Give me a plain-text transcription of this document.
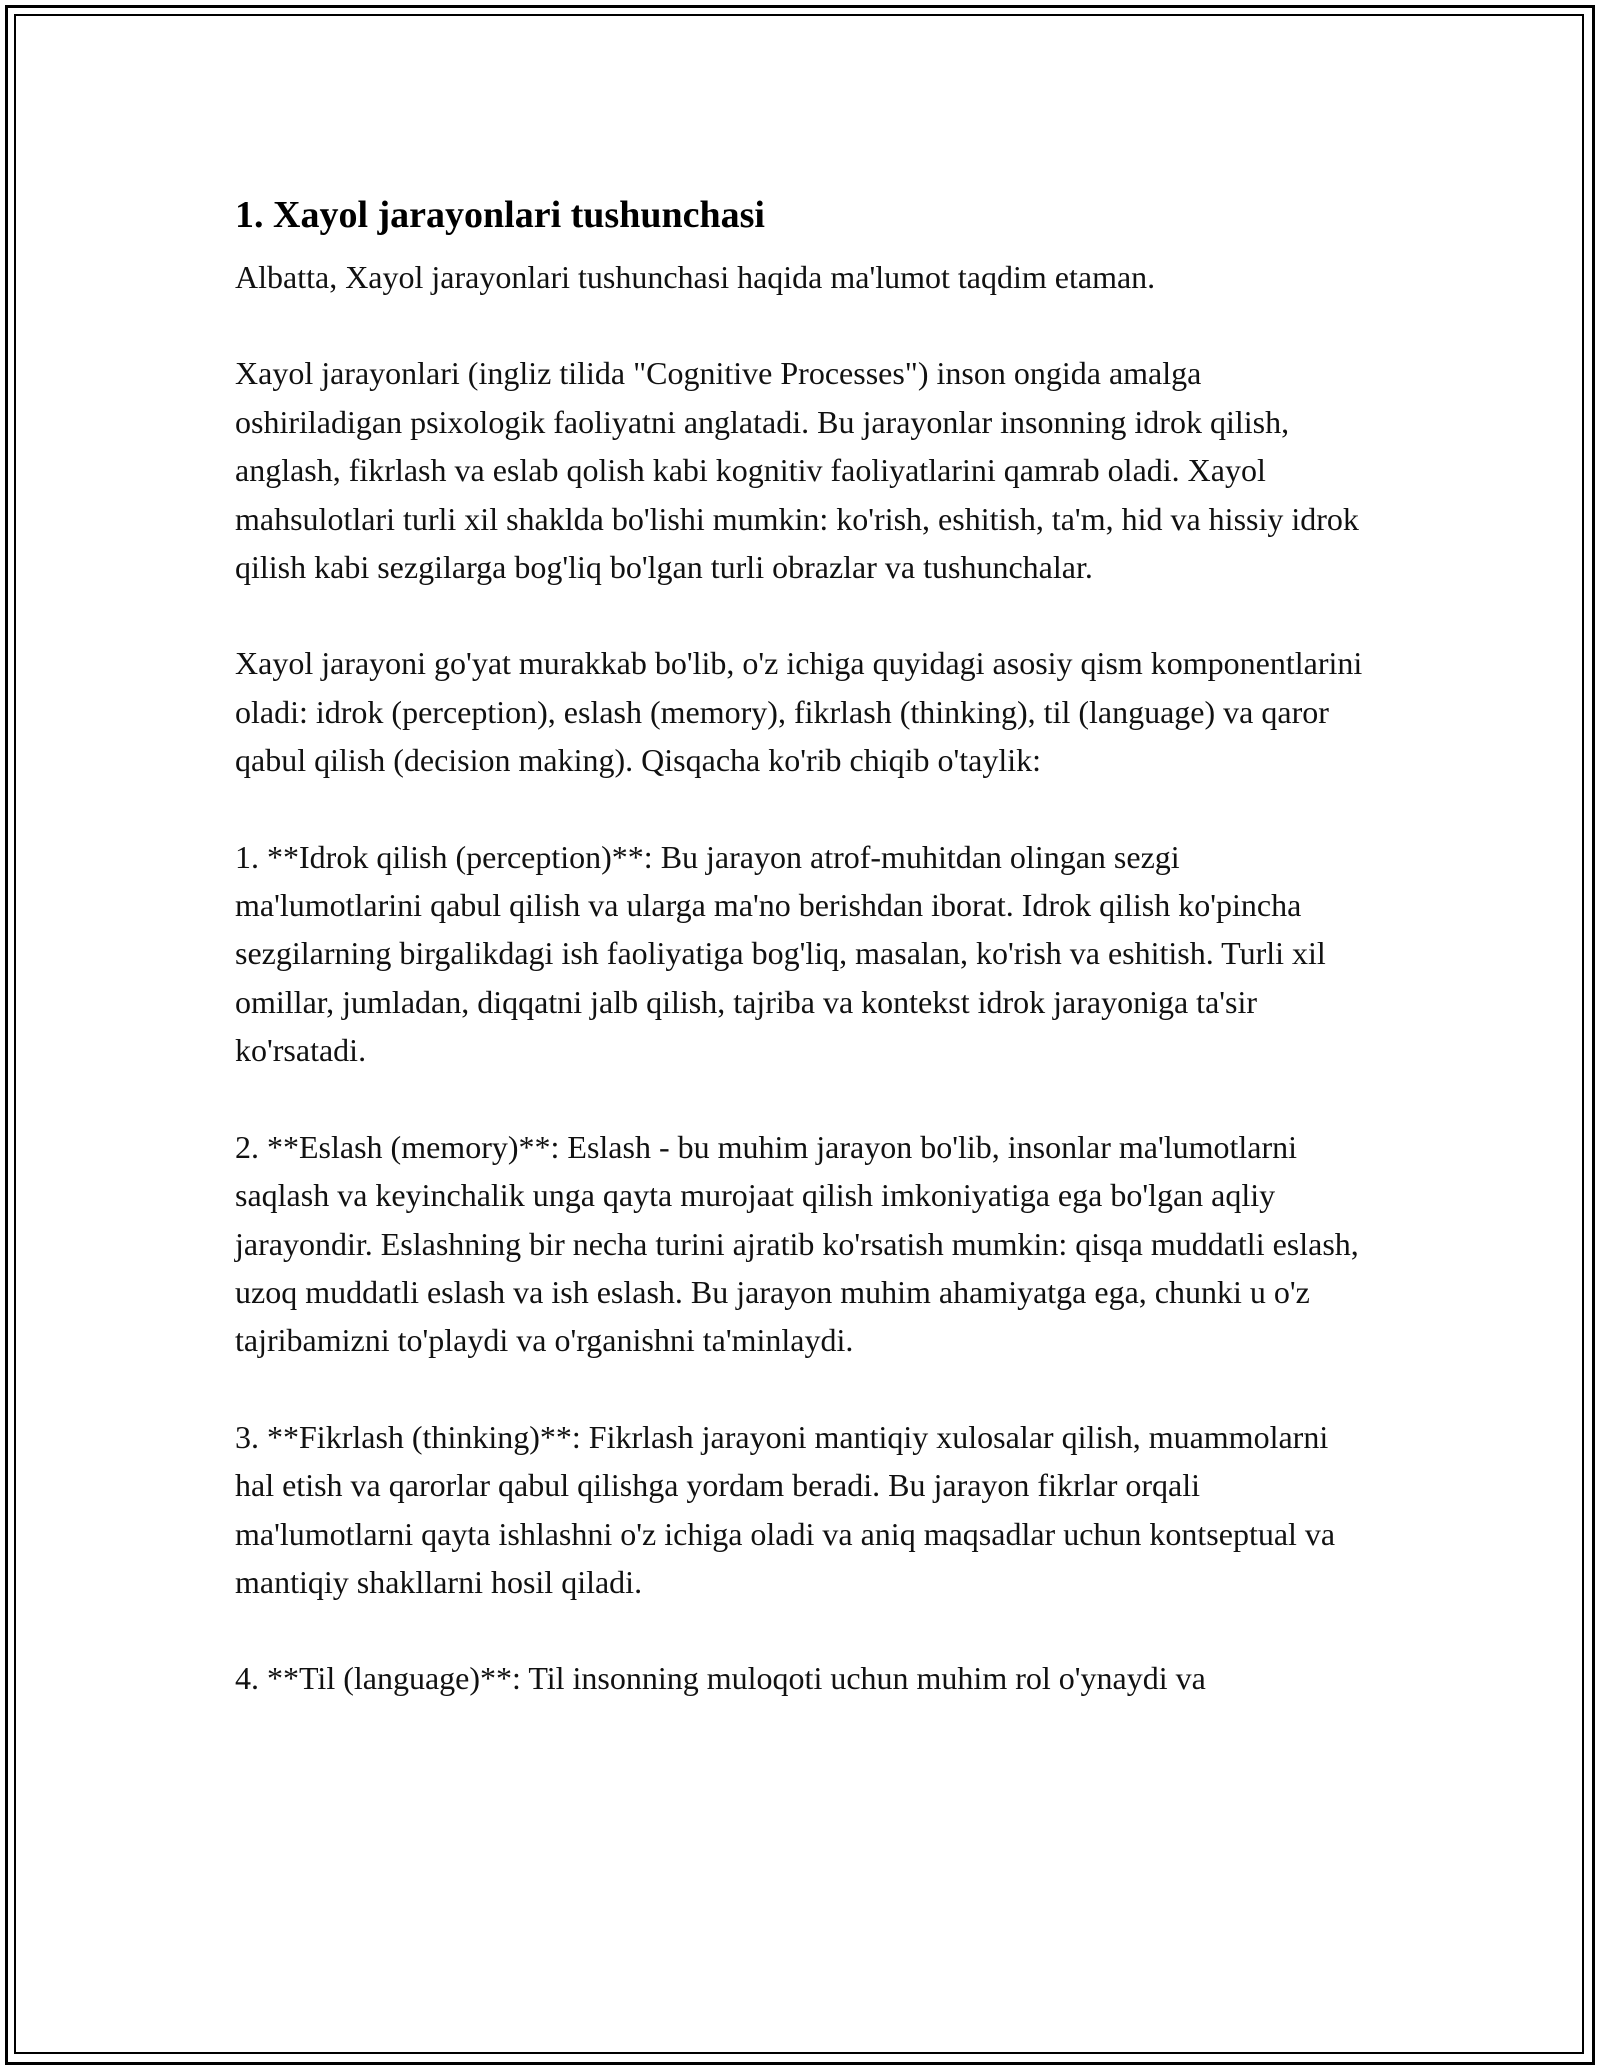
1. Xayol jarayonlari tushunchasi

Albatta, Xayol jarayonlari tushunchasi haqida ma'lumot taqdim etaman.

Xayol jarayonlari (ingliz tilida "Cognitive Processes") inson ongida amalga oshiriladigan psixologik faoliyatni anglatadi. Bu jarayonlar insonning idrok qilish, anglash, fikrlash va eslab qolish kabi kognitiv faoliyatlarini qamrab oladi. Xayol mahsulotlari turli xil shaklda bo'lishi mumkin: ko'rish, eshitish, ta'm, hid va hissiy idrok qilish kabi sezgilarga bog'liq bo'lgan turli obrazlar va tushunchalar.

Xayol jarayoni go'yat murakkab bo'lib, o'z ichiga quyidagi asosiy qism komponentlarini oladi: idrok (perception), eslash (memory), fikrlash (thinking), til (language) va qaror qabul qilish (decision making). Qisqacha ko'rib chiqib o'taylik:

1. **Idrok qilish (perception)**: Bu jarayon atrof-muhitdan olingan sezgi ma'lumotlarini qabul qilish va ularga ma'no berishdan iborat. Idrok qilish ko'pincha sezgilarning birgalikdagi ish faoliyatiga bog'liq, masalan, ko'rish va eshitish. Turli xil omillar, jumladan, diqqatni jalb qilish, tajriba va kontekst idrok jarayoniga ta'sir ko'rsatadi.

2. **Eslash (memory)**: Eslash - bu muhim jarayon bo'lib, insonlar ma'lumotlarni saqlash va keyinchalik unga qayta murojaat qilish imkoniyatiga ega bo'lgan aqliy jarayondir. Eslashning bir necha turini ajratib ko'rsatish mumkin: qisqa muddatli eslash, uzoq muddatli eslash va ish eslash. Bu jarayon muhim ahamiyatga ega, chunki u o'z tajribamizni to'playdi va o'rganishni ta'minlaydi.

3. **Fikrlash (thinking)**: Fikrlash jarayoni mantiqiy xulosalar qilish, muammolarni hal etish va qarorlar qabul qilishga yordam beradi. Bu jarayon fikrlar orqali ma'lumotlarni qayta ishlashni o'z ichiga oladi va aniq maqsadlar uchun kontseptual va mantiqiy shakllarni hosil qiladi.

4. **Til (language)**: Til insonning muloqoti uchun muhim rol o'ynaydi va
